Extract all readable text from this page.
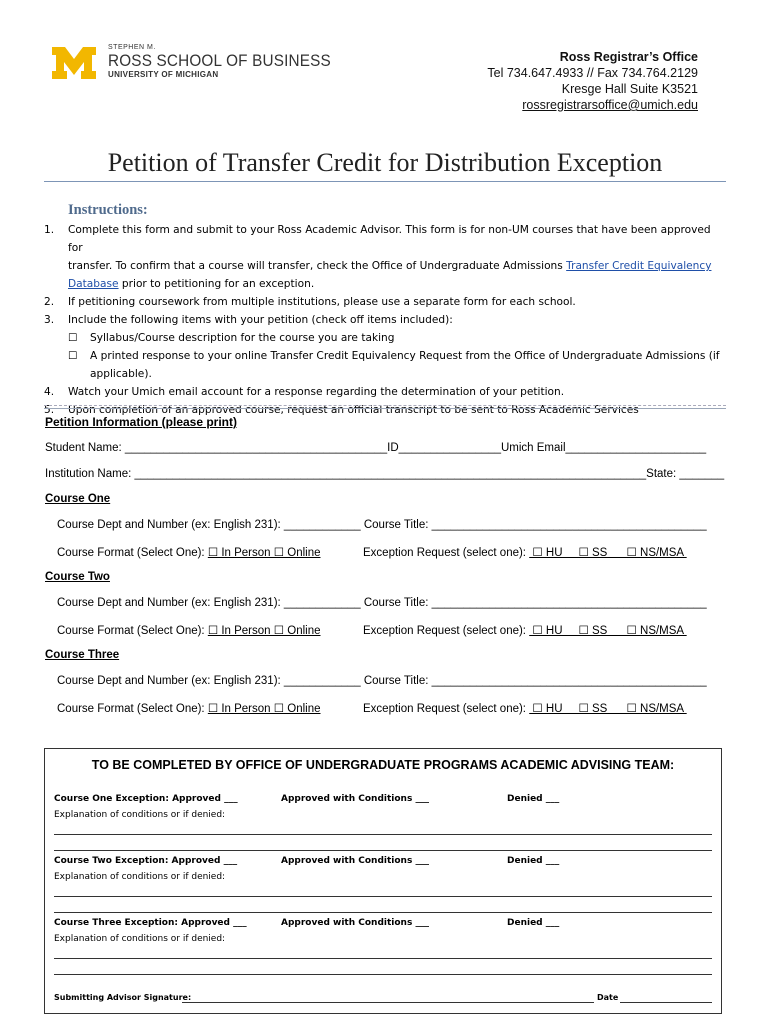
STEPHEN M.
ROSS SCHOOL OF BUSINESS
UNIVERSITY OF MICHIGAN
Ross Registrar’s Office
Tel 734.647.4933 // Fax 734.764.2129
Kresge Hall Suite K3521
rossregistrarsoffice@umich.edu
Petition of Transfer Credit for Distribution Exception
Instructions:
1. Complete this form and submit to your Ross Academic Advisor. This form is for non-UM courses that have been approved for
transfer. To confirm that a course will transfer, check the Office of Undergraduate Admissions Transfer Credit Equivalency
Database prior to petitioning for an exception.
2. If petitioning coursework from multiple institutions, please use a separate form for each school.
3. Include the following items with your petition (check off items included):
☐ Syllabus/Course description for the course you are taking
☐ A printed response to your online Transfer Credit Equivalency Request from the Office of Undergraduate Admissions (if
applicable).
4. Watch your Umich email account for a response regarding the determination of your petition.
5. Upon completion of an approved course, request an official transcript to be sent to Ross Academic Services
Petition Information (please print)
Student Name: _________________________________________ID________________Umich Email______________________
Institution Name: ________________________________________________________________________________State: _______
Course One
Course Dept and Number (ex: English 231): ____________ Course Title: ___________________________________________
Course Format (Select One): ☐ In Person ☐ Online	Exception Request (select one):  ☐ HU     ☐ SS      ☐ NS/MSA
Course Two
Course Dept and Number (ex: English 231): ____________ Course Title: ___________________________________________
Course Format (Select One): ☐ In Person ☐ Online	Exception Request (select one):  ☐ HU     ☐ SS      ☐ NS/MSA
Course Three
Course Dept and Number (ex: English 231): ____________ Course Title: ___________________________________________
Course Format (Select One): ☐ In Person ☐ Online	Exception Request (select one):  ☐ HU     ☐ SS      ☐ NS/MSA
TO BE COMPLETED BY OFFICE OF UNDERGRADUATE PROGRAMS ACADEMIC ADVISING TEAM:
Course One Exception: Approved ___	Approved with Conditions ___	Denied ___
Explanation of conditions or if denied:
Course Two Exception: Approved ___	Approved with Conditions ___	Denied ___
Explanation of conditions or if denied:
Course Three Exception: Approved ___	Approved with Conditions ___	Denied ___
Explanation of conditions or if denied:
Submitting Advisor Signature:	Date
